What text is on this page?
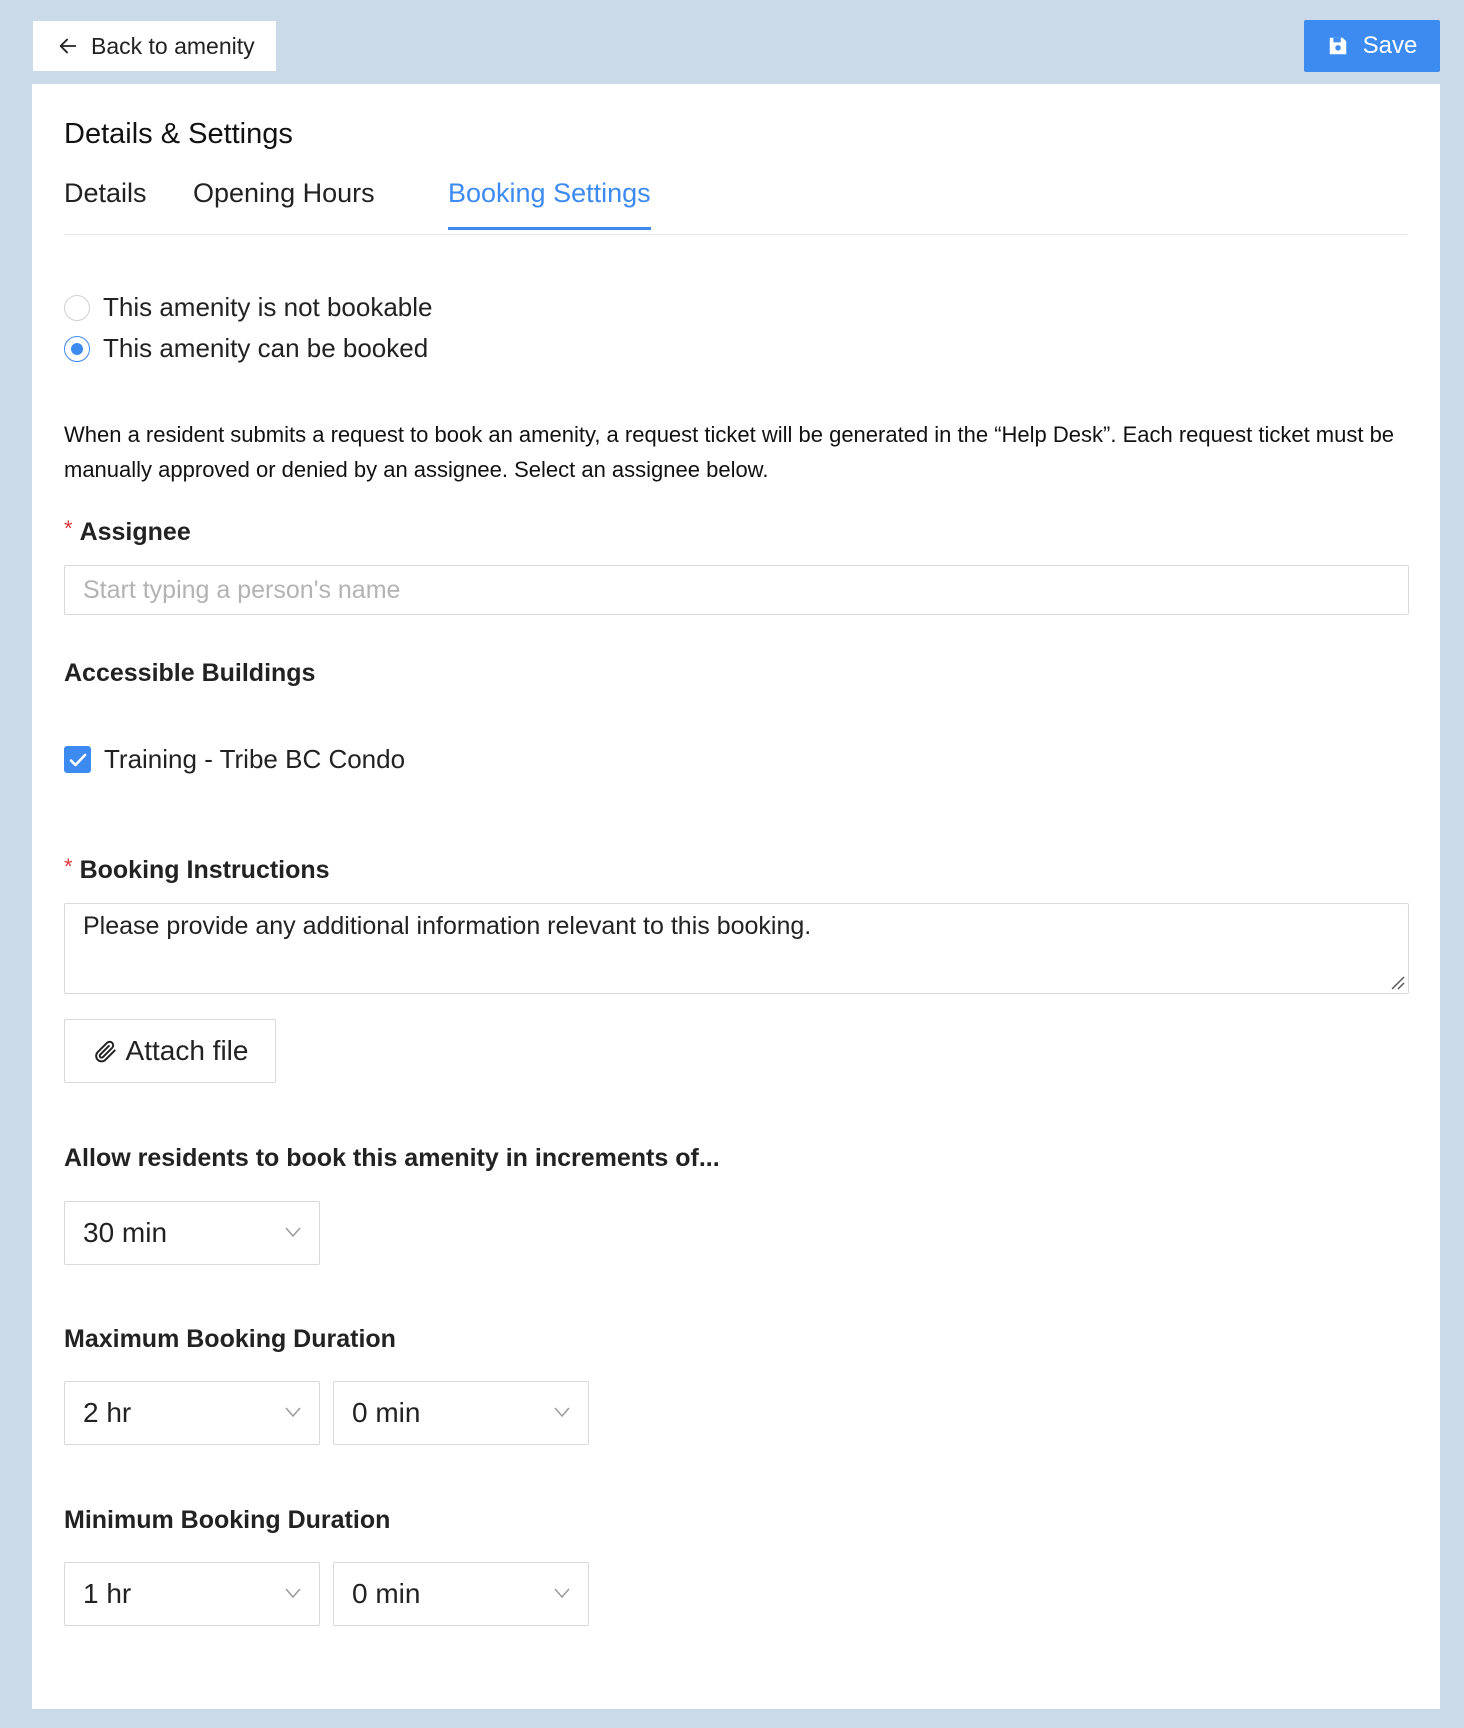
Back to amenity	Save
Details & Settings
Details Opening Hours	Booking Settings
This amenity is not bookable
This amenity can be booked

When a resident submits a request to book an amenity, a request ticket will be generated in the “Help Desk”. Each request ticket must be manually approved or denied by an assignee. Select an assignee below.

* Assignee

Start typing a person's name

Accessible Buildings

Training - Tribe BC Condo

* Booking Instructions

Please provide any additional information relevant to this booking.
Attach file

Allow residents to book this amenity in increments of...

30 min

Maximum Booking Duration

2 hr	0 min

Minimum Booking Duration

1 hr	0 min
